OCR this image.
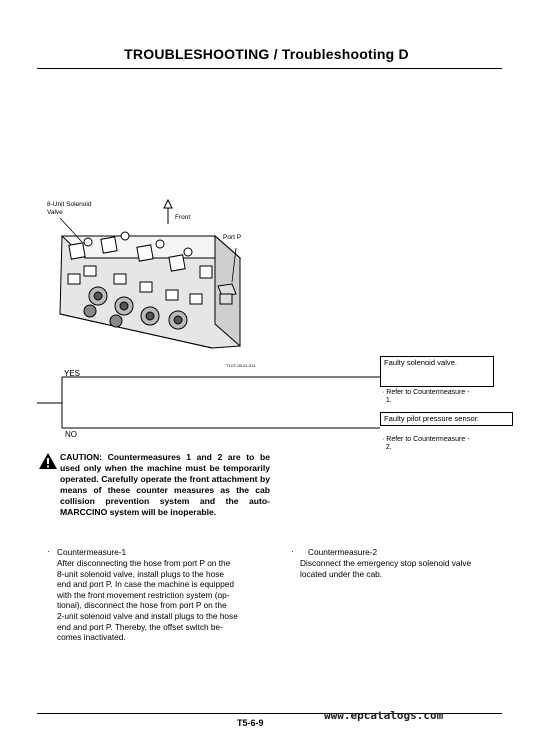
TROUBLESHOOTING / Troubleshooting D
8-Unit Solenoid
Valve
Front
Port P
T1CF-05-01-014
YES
NO
Faulty solenoid valve.
· Refer to Countermeasure -
1.
Faulty pilot pressure sensor.
· Refer to Countermeasure -
2.
CAUTION: Countermeasures 1 and 2 are to be used only when the machine must be temporarily operated. Carefully operate the front attachment by means of these counter measures as the cab collision prevention system and the auto-MARCCINO system will be inoperable.
· Countermeasure-1
After disconnecting the hose from port P on the
8-unit solenoid valve, install plugs to the hose
end and port P. In case the machine is equipped
with the front movement restriction system (op-
tional), disconnect the hose from port P on the
2-unit solenoid valve and install plugs to the hose
end and port P. Thereby, the offset switch be-
comes inactivated.
· Countermeasure-2
Disconnect the emergency stop solenoid valve
located under the cab.
T5-6-9
www.epcatalogs.com
